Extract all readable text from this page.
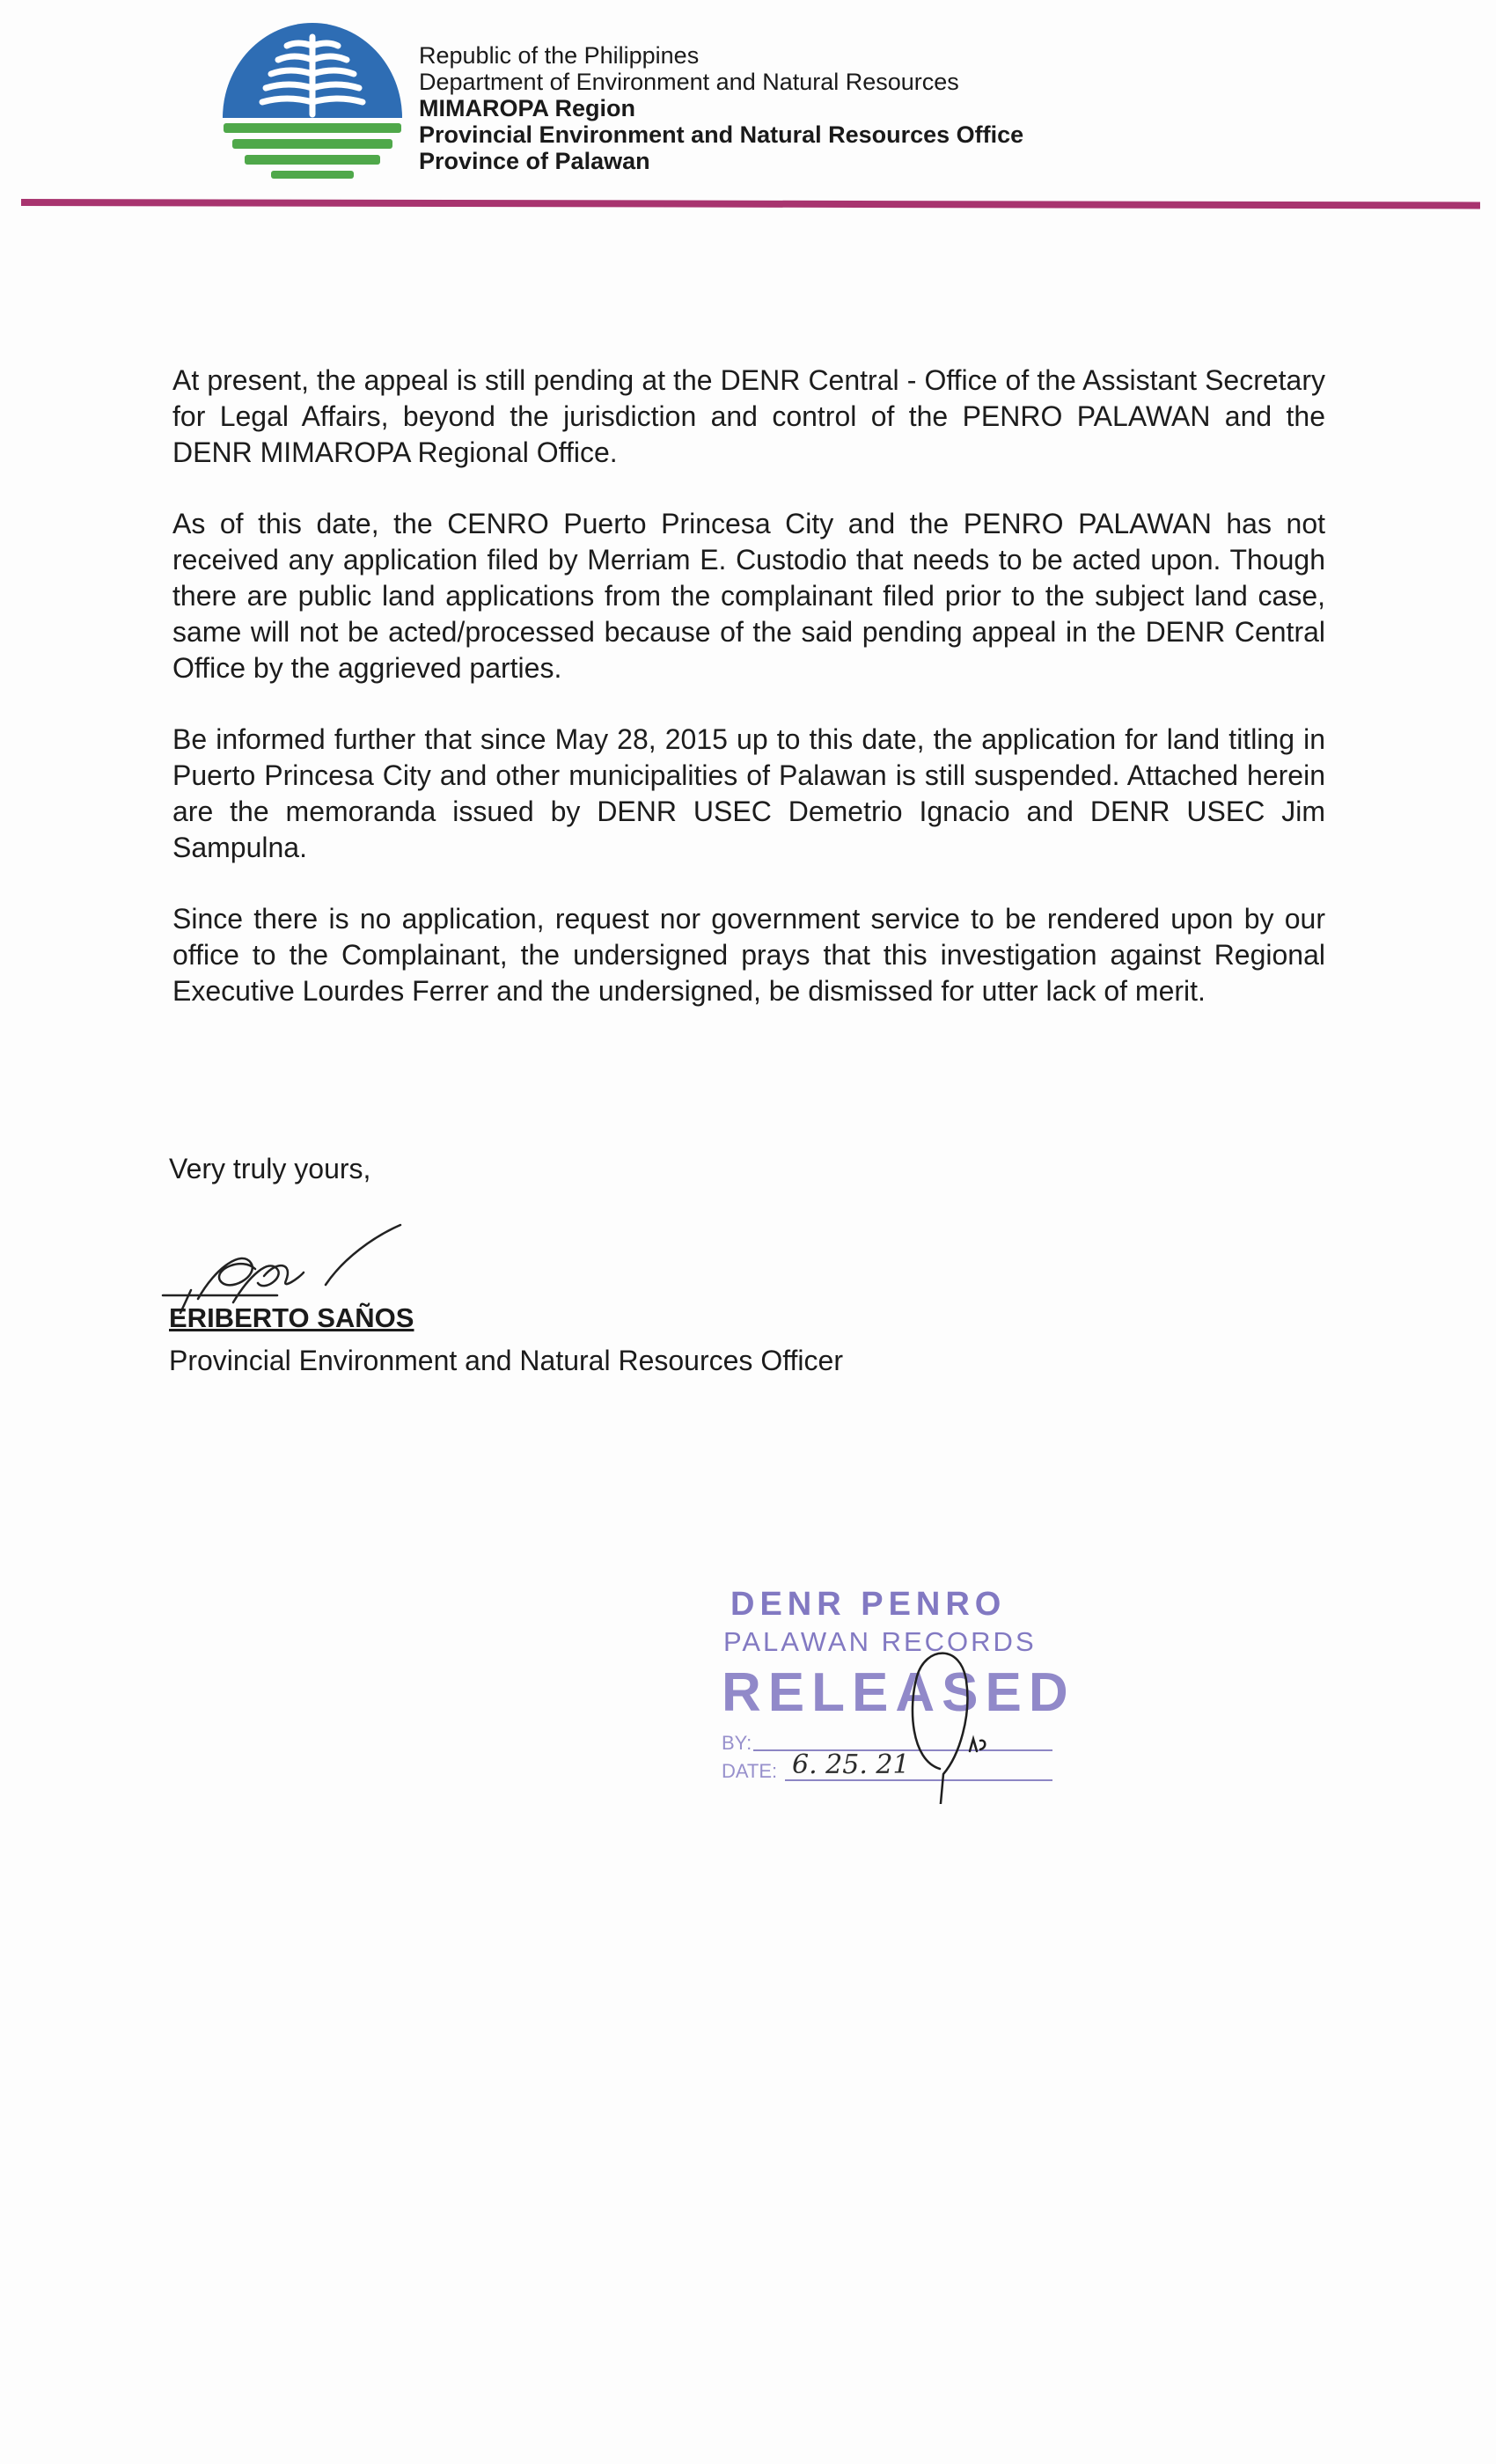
Republic of the Philippines
Department of Environment and Natural Resources
MIMAROPA Region
Provincial Environment and Natural Resources Office
Province of Palawan

At present, the appeal is still pending at the DENR Central - Office of the Assistant Secretary for Legal Affairs, beyond the jurisdiction and control of the PENRO PALAWAN and the DENR MIMAROPA Regional Office.

As of this date, the CENRO Puerto Princesa City and the PENRO PALAWAN has not received any application filed by Merriam E. Custodio that needs to be acted upon. Though there are public land applications from the complainant filed prior to the subject land case, same will not be acted/processed because of the said pending appeal in the DENR Central Office by the aggrieved parties.

Be informed further that since May 28, 2015 up to this date, the application for land titling in Puerto Princesa City and other municipalities of Palawan is still suspended. Attached herein are the memoranda issued by DENR USEC Demetrio Ignacio and DENR USEC Jim Sampulna.

Since there is no application, request nor government service to be rendered upon by our office to the Complainant, the undersigned prays that this investigation against Regional Executive Lourdes Ferrer and the undersigned, be dismissed for utter lack of merit.

Very truly yours,
ERIBERTO SAÑOS
Provincial Environment and Natural Resources Officer
DENR PENRO
PALAWAN RECORDS
RELEASED
BY:
DATE: 6. 25. 21
